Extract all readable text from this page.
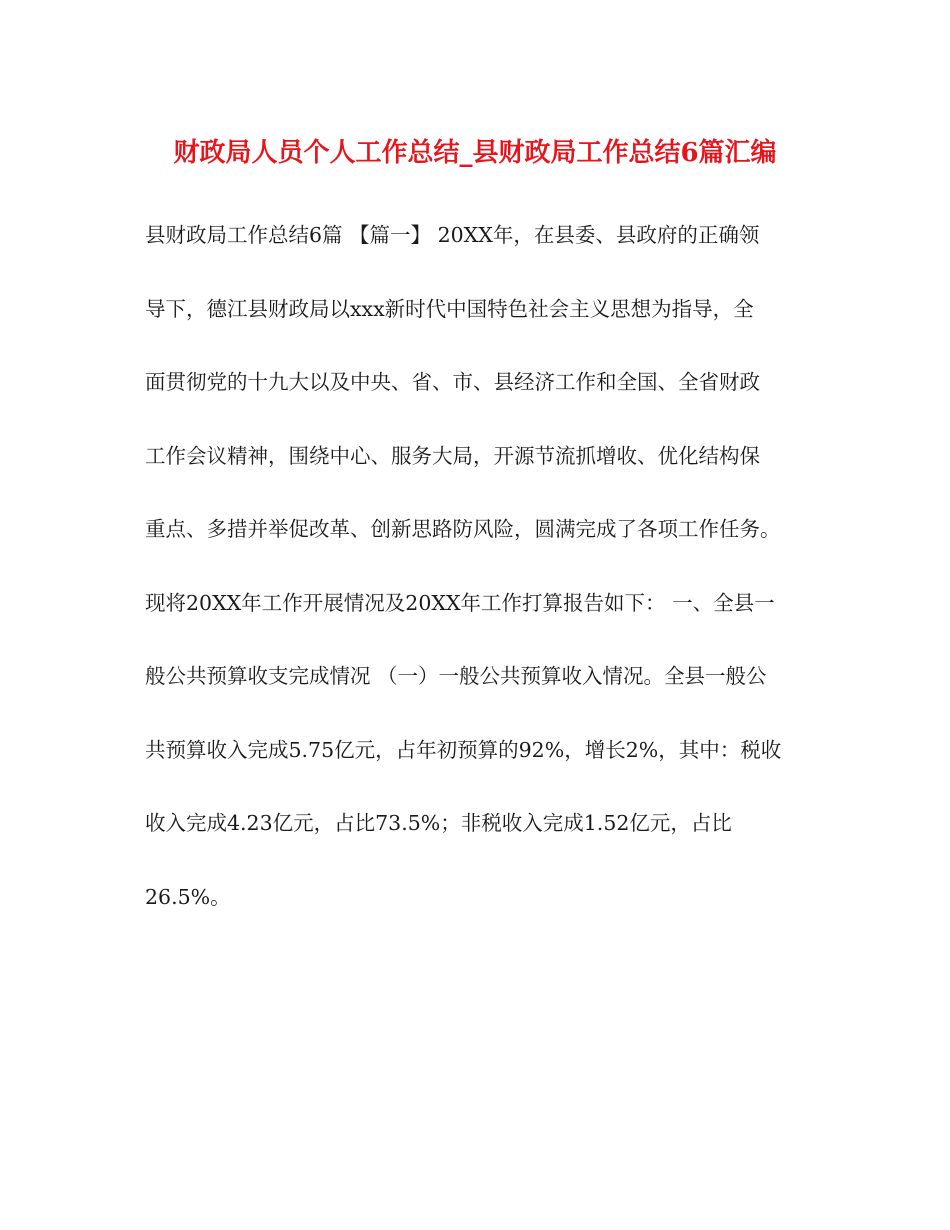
财政局人员个人工作总结_县财政局工作总结6篇汇编
县财政局工作总结6篇 【篇一】 20XX年，在县委、县政府的正确领
导下，德江县财政局以xxx新时代中国特色社会主义思想为指导，全
面贯彻党的十九大以及中央、省、市、县经济工作和全国、全省财政
工作会议精神，围绕中心、服务大局，开源节流抓增收、优化结构保
重点、多措并举促改革、创新思路防风险，圆满完成了各项工作任务。
现将20XX年工作开展情况及20XX年工作打算报告如下： 一、全县一
般公共预算收支完成情况 （一）一般公共预算收入情况。全县一般公
共预算收入完成5.75亿元，占年初预算的92%，增长2%，其中：税收
收入完成4.23亿元，占比73.5%；非税收入完成1.52亿元，占比
26.5%。
